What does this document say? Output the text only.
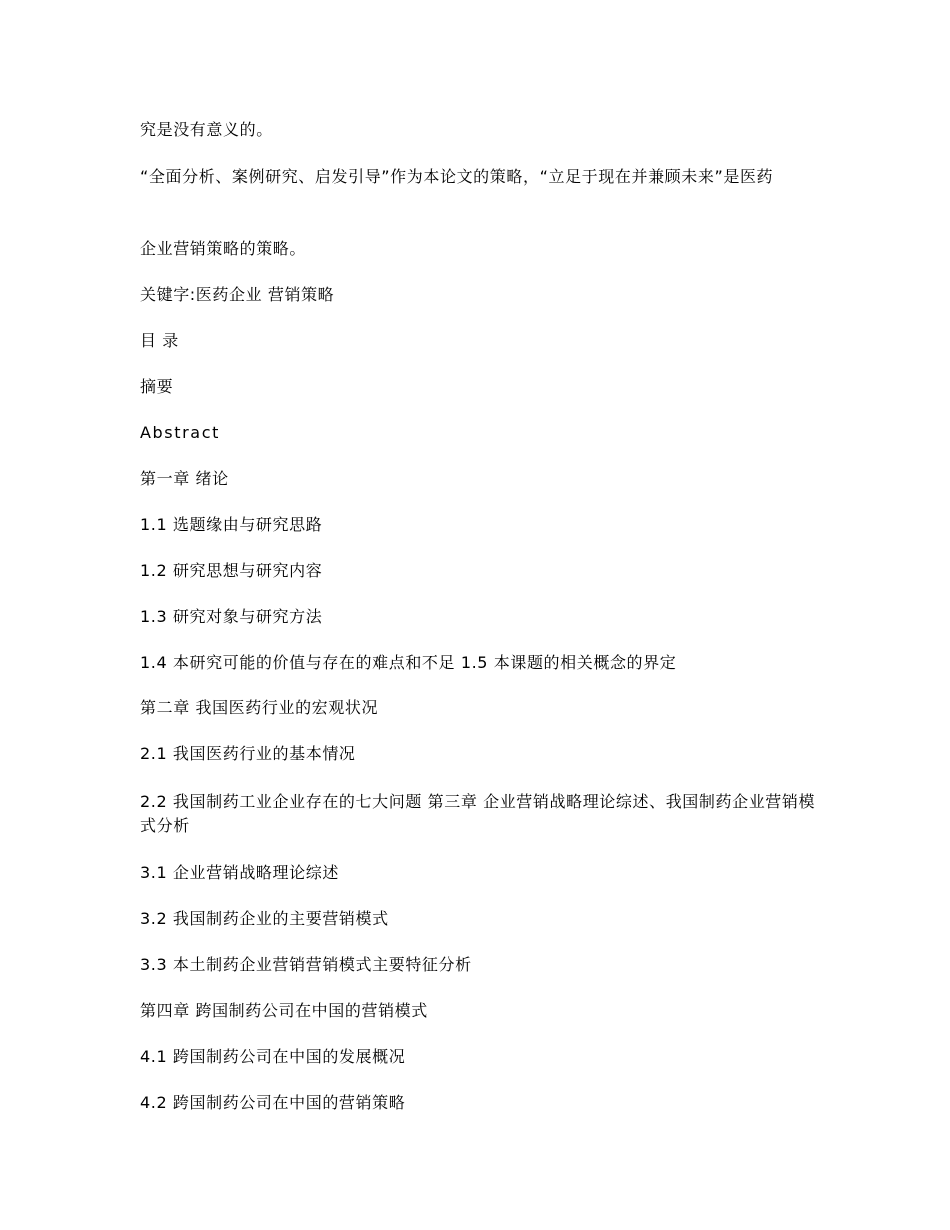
究是没有意义的。
“全面分析、案例研究、启发引导”作为本论文的策略，“立足于现在并兼顾未来”是医药
企业营销策略的策略。
关键字:医药企业 营销策略
目 录
摘要
Abstract
第一章 绪论
1.1 选题缘由与研究思路
1.2 研究思想与研究内容
1.3 研究对象与研究方法
1.4 本研究可能的价值与存在的难点和不足 1.5 本课题的相关概念的界定
第二章 我国医药行业的宏观状况
2.1 我国医药行业的基本情况
2.2 我国制药工业企业存在的七大问题 第三章 企业营销战略理论综述、我国制药企业营销模式分析
3.1 企业营销战略理论综述
3.2 我国制药企业的主要营销模式
3.3 本土制药企业营销营销模式主要特征分析
第四章 跨国制药公司在中国的营销模式
4.1 跨国制药公司在中国的发展概况
4.2 跨国制药公司在中国的营销策略
